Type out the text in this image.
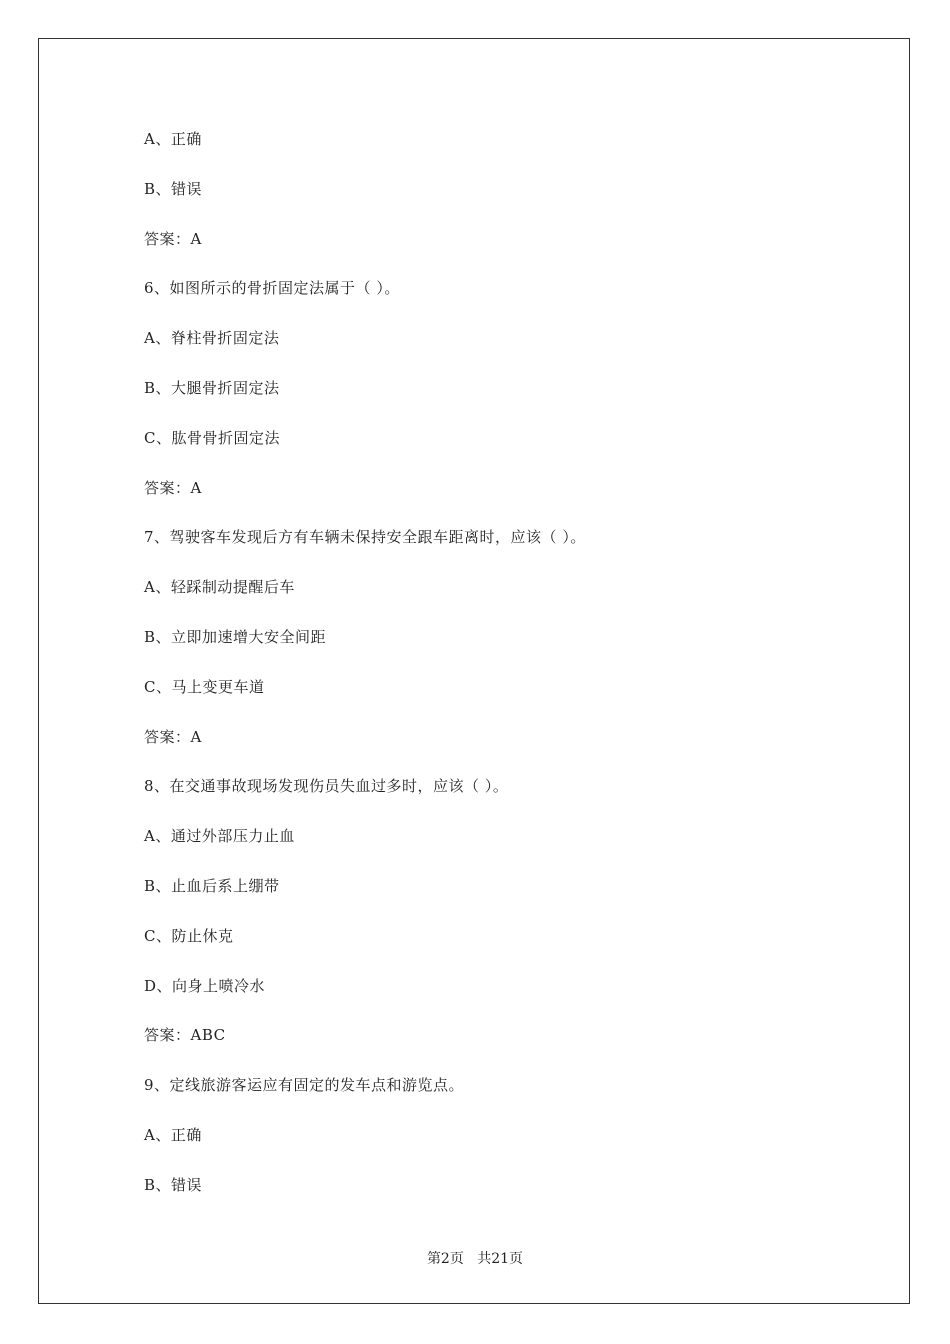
A、正确
B、错误
答案：A
6、如图所示的骨折固定法属于（ ）。
A、脊柱骨折固定法
B、大腿骨折固定法
C、肱骨骨折固定法
答案：A
7、驾驶客车发现后方有车辆未保持安全跟车距离时，应该（ ）。
A、轻踩制动提醒后车
B、立即加速增大安全间距
C、马上变更车道
答案：A
8、在交通事故现场发现伤员失血过多时，应该（ ）。
A、通过外部压力止血
B、止血后系上绷带
C、防止休克
D、向身上喷冷水
答案：ABC
9、定线旅游客运应有固定的发车点和游览点。
A、正确
B、错误
第2页 共21页
